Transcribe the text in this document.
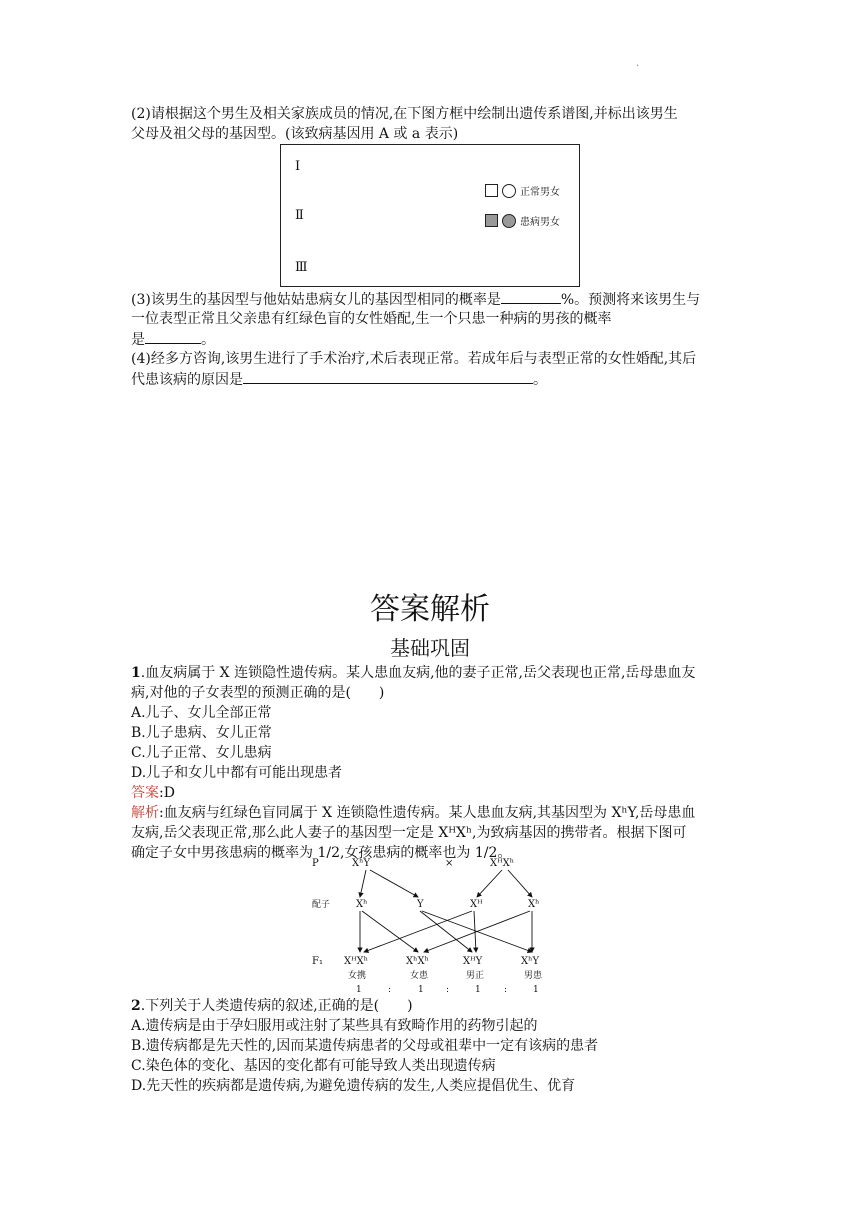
.
(2)请根据这个男生及相关家族成员的情况,在下图方框中绘制出遗传系谱图,并标出该男生
父母及祖父母的基因型。(该致病基因用 A 或 a 表示)
Ⅰ
Ⅱ
Ⅲ
正常男女
患病男女
(3)该男生的基因型与他姑姑患病女儿的基因型相同的概率是	%。预测将来该男生与
一位表型正常且父亲患有红绿色盲的女性婚配,生一个只患一种病的男孩的概率
是	。
(4)经多方咨询,该男生进行了手术治疗,术后表现正常。若成年后与表型正常的女性婚配,其后
代患该病的原因是	。
答案解析
基础巩固
1.血友病属于 X 连锁隐性遗传病。某人患血友病,他的妻子正常,岳父表现也正常,岳母患血友
病,对他的子女表型的预测正确的是(　　)
A.儿子、女儿全部正常
B.儿子患病、女儿正常
C.儿子正常、女儿患病
D.儿子和女儿中都有可能出现患者
答案:D
解析:血友病与红绿色盲同属于 X 连锁隐性遗传病。某人患血友病,其基因型为 XʰY,岳母患血
友病,岳父表现正常,那么此人妻子的基因型一定是 XᴴXʰ,为致病基因的携带者。根据下图可
确定子女中男孩患病的概率为 1/2,女孩患病的概率也为 1/2。
P	XʰY	×	XᴴXʰ
配子	Xʰ	Y	Xᴴ	Xʰ
F₁ XᴴXʰ	XʰXʰ	XᴴY	XʰY
女携	女患	男正	男患
1	:	1 :	1	:	1
2.下列关于人类遗传病的叙述,正确的是(　　)
A.遗传病是由于孕妇服用或注射了某些具有致畸作用的药物引起的
B.遗传病都是先天性的,因而某遗传病患者的父母或祖辈中一定有该病的患者
C.染色体的变化、基因的变化都有可能导致人类出现遗传病
D.先天性的疾病都是遗传病,为避免遗传病的发生,人类应提倡优生、优育
